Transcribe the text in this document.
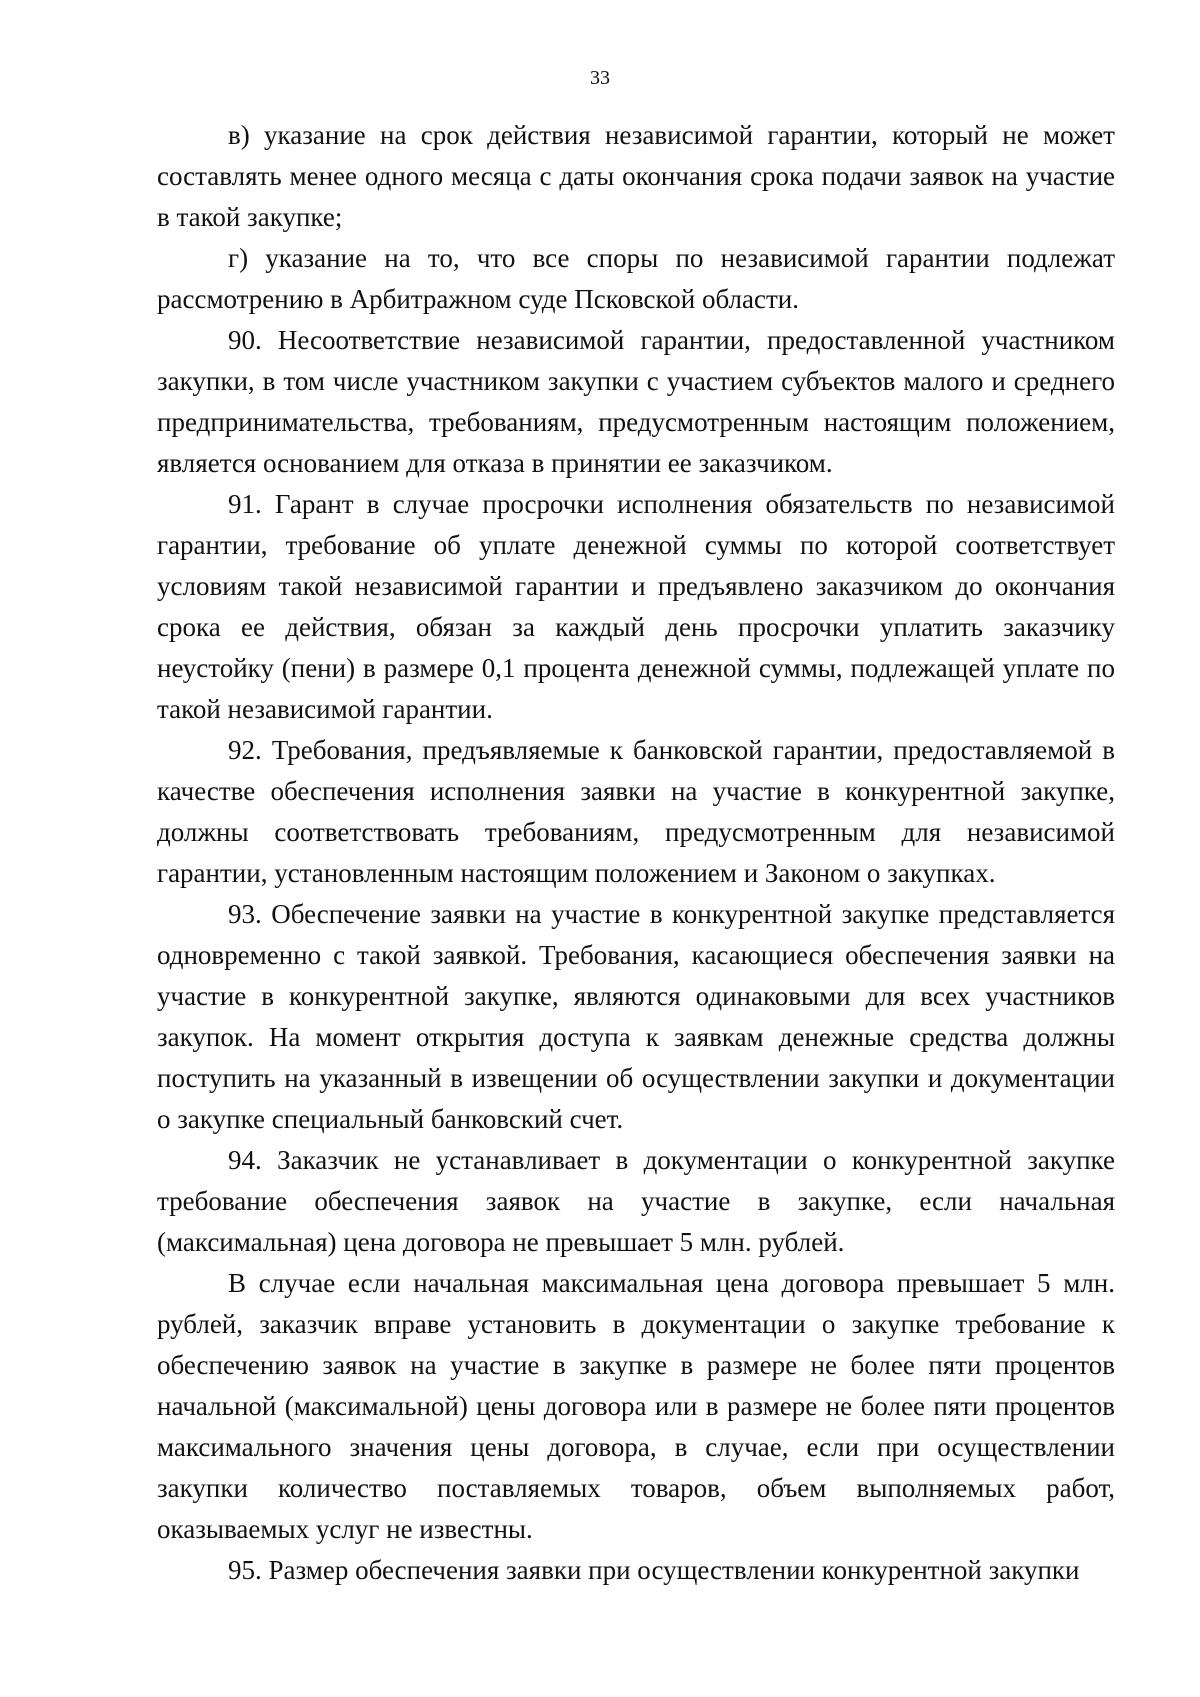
33

в) указание на срок действия независимой гарантии, который не может составлять менее одного месяца с даты окончания срока подачи заявок на участие в такой закупке;

г) указание на то, что все споры по независимой гарантии подлежат рассмотрению в Арбитражном суде Псковской области.

90. Несоответствие независимой гарантии, предоставленной участником закупки, в том числе участником закупки с участием субъектов малого и среднего предпринимательства, требованиям, предусмотренным настоящим положением, является основанием для отказа в принятии ее заказчиком.

91. Гарант в случае просрочки исполнения обязательств по независимой гарантии, требование об уплате денежной суммы по которой соответствует условиям такой независимой гарантии и предъявлено заказчиком до окончания срока ее действия, обязан за каждый день просрочки уплатить заказчику неустойку (пени) в размере 0,1 процента денежной суммы, подлежащей уплате по такой независимой гарантии.

92. Требования, предъявляемые к банковской гарантии, предоставляемой в качестве обеспечения исполнения заявки на участие в конкурентной закупке, должны соответствовать требованиям, предусмотренным для независимой гарантии, установленным настоящим положением и Законом о закупках.

93. Обеспечение заявки на участие в конкурентной закупке представляется одновременно с такой заявкой. Требования, касающиеся обеспечения заявки на участие в конкурентной закупке, являются одинаковыми для всех участников закупок. На момент открытия доступа к заявкам денежные средства должны поступить на указанный в извещении об осуществлении закупки и документации о закупке специальный банковский счет.

94. Заказчик не устанавливает в документации о конкурентной закупке требование обеспечения заявок на участие в закупке, если начальная (максимальная) цена договора не превышает 5 млн. рублей.

В случае если начальная максимальная цена договора превышает 5 млн. рублей, заказчик вправе установить в документации о закупке требование к обеспечению заявок на участие в закупке в размере не более пяти процентов начальной (максимальной) цены договора или в размере не более пяти процентов максимального значения цены договора, в случае, если при осуществлении закупки количество поставляемых товаров, объем выполняемых работ, оказываемых услуг не известны.

95. Размер обеспечения заявки при осуществлении конкурентной закупки
